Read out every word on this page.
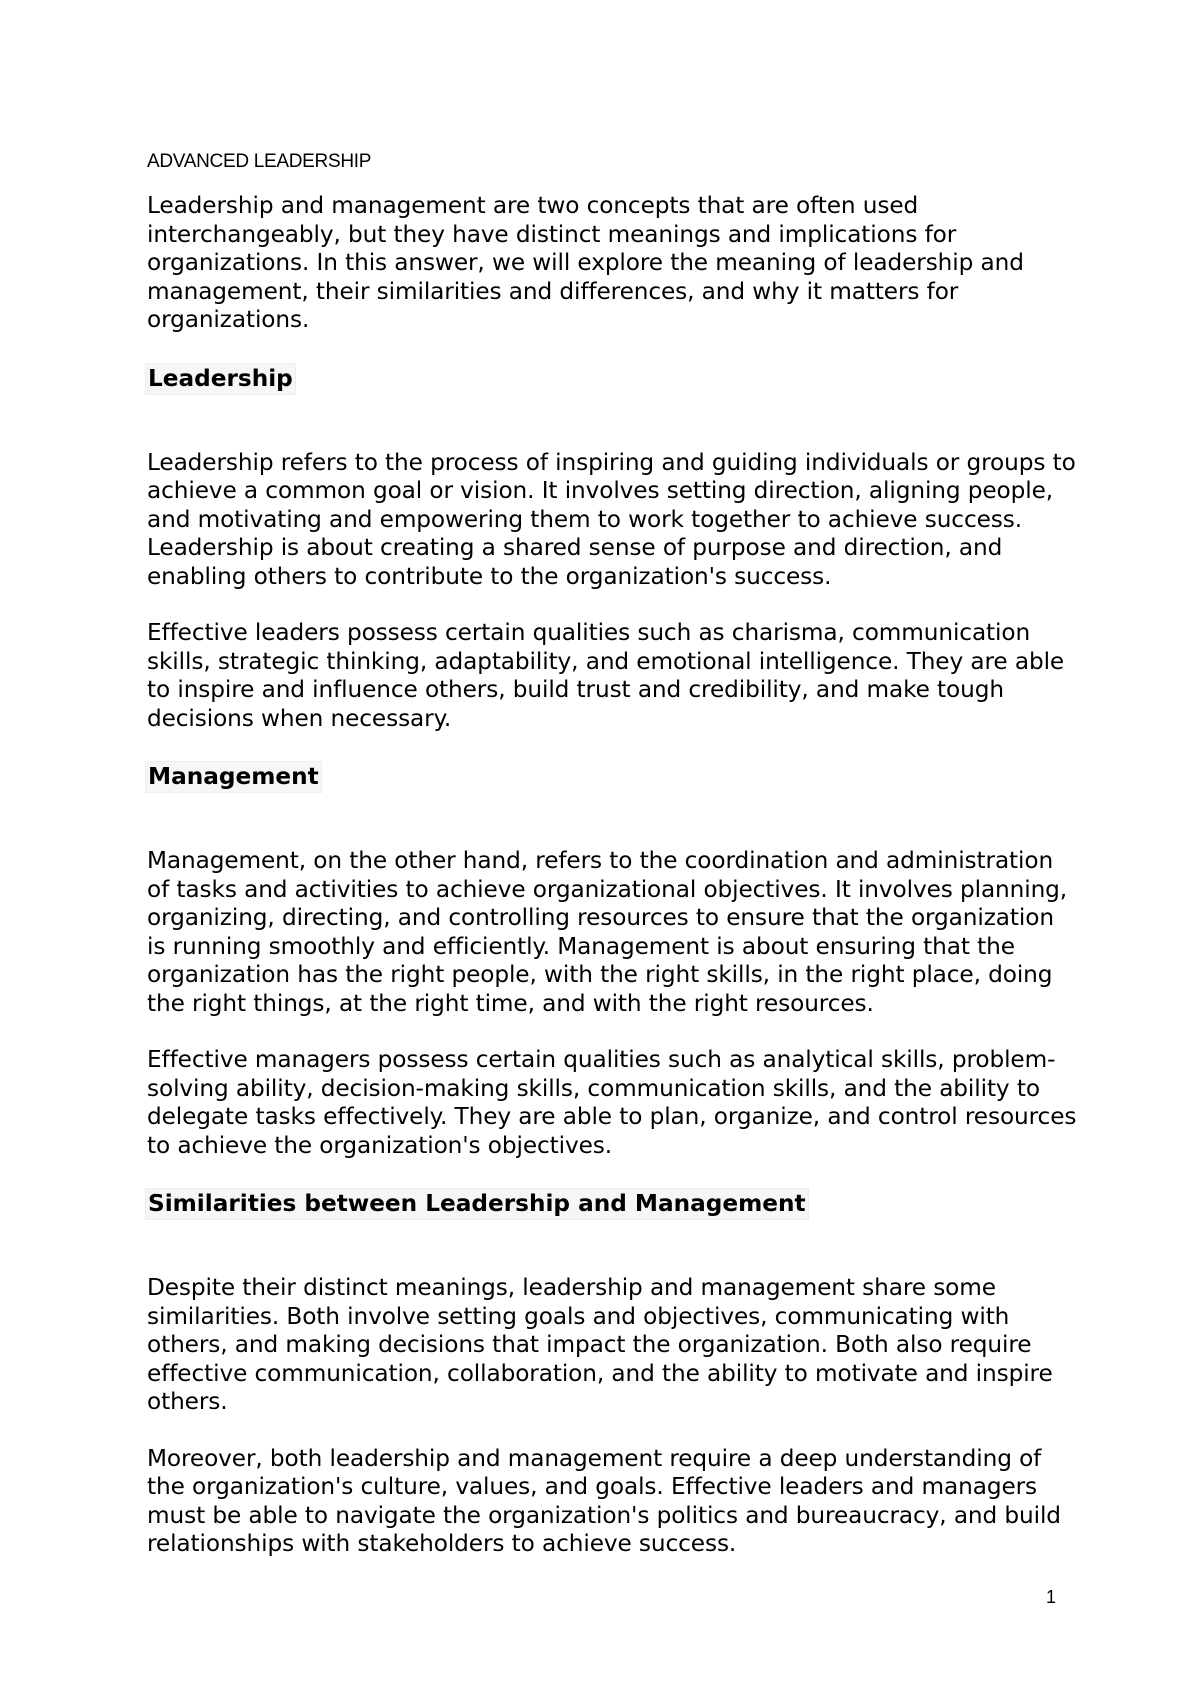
ADVANCED LEADERSHIP

Leadership and management are two concepts that are often used interchangeably, but they have distinct meanings and implications for organizations. In this answer, we will explore the meaning of leadership and management, their similarities and differences, and why it matters for organizations.

Leadership

Leadership refers to the process of inspiring and guiding individuals or groups to achieve a common goal or vision. It involves setting direction, aligning people, and motivating and empowering them to work together to achieve success. Leadership is about creating a shared sense of purpose and direction, and enabling others to contribute to the organization's success.

Effective leaders possess certain qualities such as charisma, communication skills, strategic thinking, adaptability, and emotional intelligence. They are able to inspire and influence others, build trust and credibility, and make tough decisions when necessary.

Management

Management, on the other hand, refers to the coordination and administration of tasks and activities to achieve organizational objectives. It involves planning, organizing, directing, and controlling resources to ensure that the organization is running smoothly and efficiently. Management is about ensuring that the organization has the right people, with the right skills, in the right place, doing the right things, at the right time, and with the right resources.

Effective managers possess certain qualities such as analytical skills, problem-solving ability, decision-making skills, communication skills, and the ability to delegate tasks effectively. They are able to plan, organize, and control resources to achieve the organization's objectives.

Similarities between Leadership and Management

Despite their distinct meanings, leadership and management share some similarities. Both involve setting goals and objectives, communicating with others, and making decisions that impact the organization. Both also require effective communication, collaboration, and the ability to motivate and inspire others.

Moreover, both leadership and management require a deep understanding of the organization's culture, values, and goals. Effective leaders and managers must be able to navigate the organization's politics and bureaucracy, and build relationships with stakeholders to achieve success.

1
